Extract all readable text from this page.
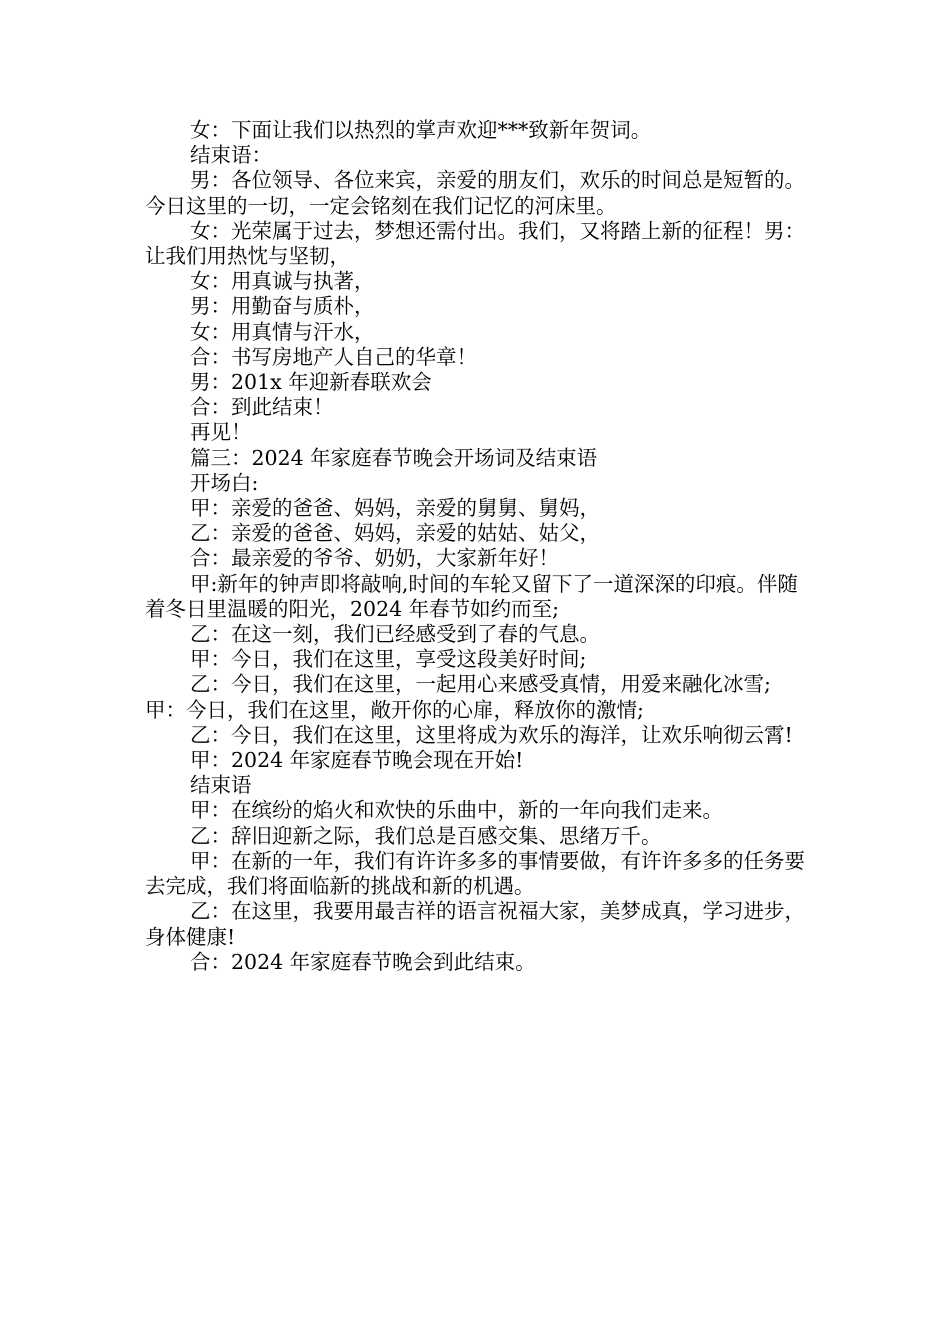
女：下面让我们以热烈的掌声欢迎***致新年贺词。

结束语：

男：各位领导、各位来宾，亲爱的朋友们，欢乐的时间总是短暂的。今日这里的一切，一定会铭刻在我们记忆的河床里。

女：光荣属于过去，梦想还需付出。我们，又将踏上新的征程！男：让我们用热忱与坚韧，

女：用真诚与执著，

男：用勤奋与质朴，

女：用真情与汗水，

合：书写房地产人自己的华章！

男：201x 年迎新春联欢会

合：到此结束！

再见！

篇三：2024 年家庭春节晚会开场词及结束语

开场白:

甲：亲爱的爸爸、妈妈，亲爱的舅舅、舅妈，

乙：亲爱的爸爸、妈妈，亲爱的姑姑、姑父，

合：最亲爱的爷爷、奶奶，大家新年好！

甲:新年的钟声即将敲响,时间的车轮又留下了一道深深的印痕。伴随着冬日里温暖的阳光，2024 年春节如约而至;

乙：在这一刻，我们已经感受到了春的气息。

甲：今日，我们在这里，享受这段美好时间;

乙：今日，我们在这里，一起用心来感受真情，用爱来融化冰雪;甲：今日，我们在这里，敞开你的心扉，释放你的激情;

乙：今日，我们在这里，这里将成为欢乐的海洋，让欢乐响彻云霄!

甲：2024 年家庭春节晚会现在开始!

结束语

甲：在缤纷的焰火和欢快的乐曲中，新的一年向我们走来。

乙：辞旧迎新之际，我们总是百感交集、思绪万千。

甲：在新的一年，我们有许许多多的事情要做，有许许多多的任务要去完成，我们将面临新的挑战和新的机遇。

乙：在这里，我要用最吉祥的语言祝福大家，美梦成真，学习进步，身体健康!

合：2024 年家庭春节晚会到此结束。
